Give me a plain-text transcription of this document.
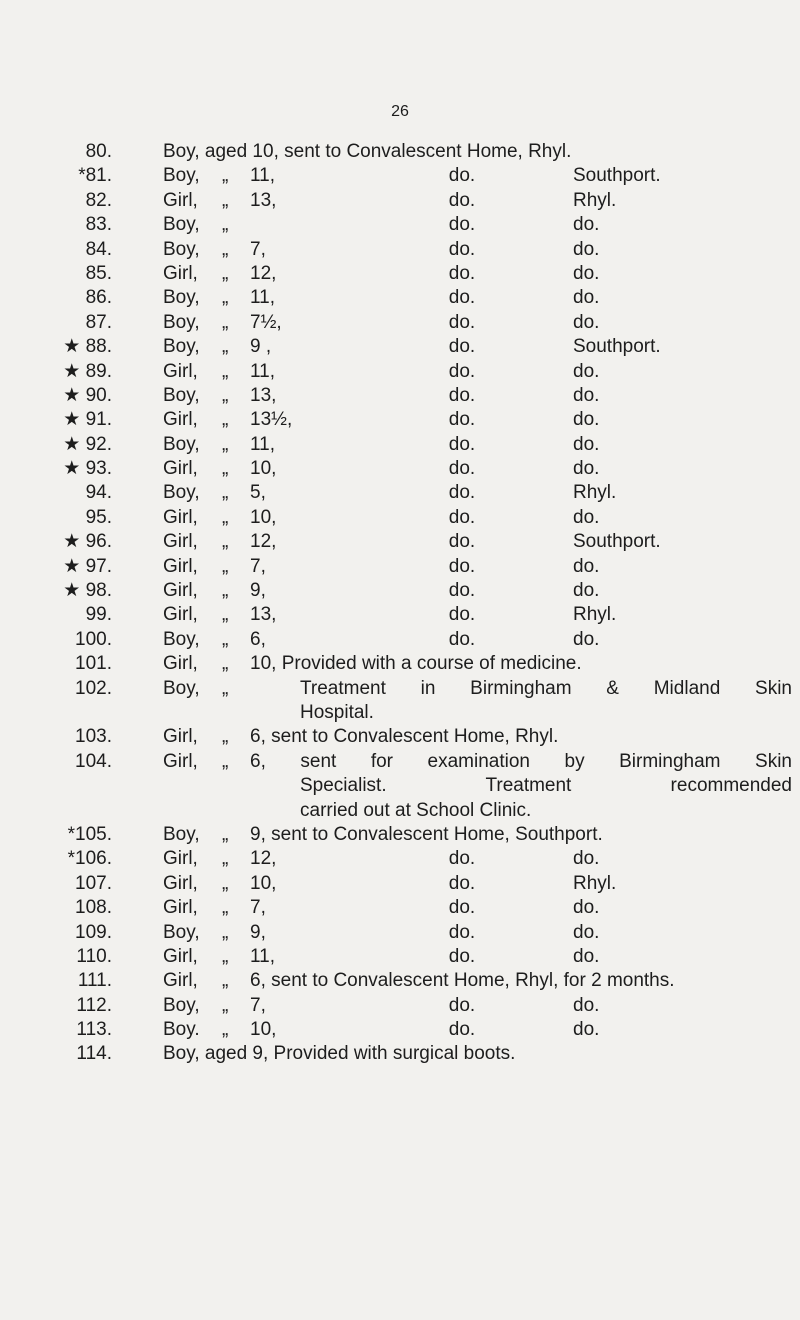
26
80.	Boy, aged 10, sent to Convalescent Home, Rhyl.
*81.	Boy, „ 11,	do.	Southport.
82.	Girl, „ 13,	do.	Rhyl.
83.	Boy, „	do.	do.
84.	Boy, „ 7,	do.	do.
85.	Girl, „ 12,	do.	do.
86.	Boy, „ 11,	do.	do.
87.	Boy, „ 7½,	do.	do.
★ 88.	Boy, „ 9 ,	do.	Southport.
★ 89.	Girl, „ 11,	do.	do.
★ 90.	Boy, „ 13,	do.	do.
★ 91.	Girl, „ 13½,	do.	do.
★ 92.	Boy, „ 11,	do.	do.
★ 93.	Girl, „ 10,	do.	do.
94.	Boy, „ 5,	do.	Rhyl.
95.	Girl, „ 10,	do.	do.
★ 96.	Girl, „ 12,	do.	Southport.
★ 97.	Girl, „ 7,	do.	do.
★ 98.	Girl, „ 9,	do.	do.
99.	Girl, „ 13,	do.	Rhyl.
100.	Boy, „ 6,	do.	do.
101.	Girl, „ 10, Provided with a course of medicine.
102.	Boy, „	Treatment in Birmingham & Midland Skin
Hospital.
103.	Girl, „ 6, sent to Convalescent Home, Rhyl.
104.	Girl, „ 6, sent for examination by Birmingham Skin
Specialist. Treatment recommended
carried out at School Clinic.
*105.	Boy, „ 9, sent to Convalescent Home, Southport.
*106.	Girl, „ 12,	do.	do.
107.	Girl, „ 10,	do.	Rhyl.
108.	Girl, „ 7,	do.	do.
109.	Boy, „ 9,	do.	do.
110.	Girl, „ 11,	do.	do.
111.	Girl, „ 6, sent to Convalescent Home, Rhyl, for 2 months.
112.	Boy, „ 7,	do.	do.
113.	Boy. „ 10,	do.	do.
114.	Boy, aged 9, Provided with surgical boots.
